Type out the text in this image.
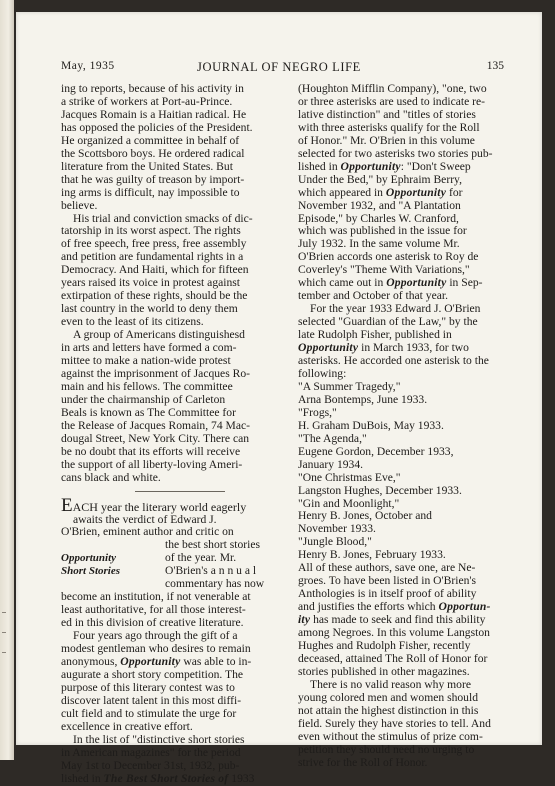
May, 1935	JOURNAL OF NEGRO LIFE	135

ing to reports, because of his activity in

a strike of workers at Port-au-Prince.

Jacques Romain is a Haitian radical. He

has opposed the policies of the President.

He organized a committee in behalf of

the Scottsboro boys. He ordered radical

literature from the United States. But

that he was guilty of treason by import-

ing arms is difficult, nay impossible to

believe.

His trial and conviction smacks of dic-

tatorship in its worst aspect. The rights

of free speech, free press, free assembly

and petition are fundamental rights in a

Democracy. And Haiti, which for fifteen

years raised its voice in protest against

extirpation of these rights, should be the

last country in the world to deny them

even to the least of its citizens.

A group of Americans distinguishesd

in arts and letters have formed a com-

mittee to make a nation-wide protest

against the imprisonment of Jacques Ro-

main and his fellows. The committee

under the chairmanship of Carleton

Beals is known as The Committee for

the Release of Jacques Romain, 74 Mac-

dougal Street, New York City. There can

be no doubt that its efforts will receive

the support of all liberty-loving Ameri-

cans black and white.

EACH year the literary world eagerly

awaits the verdict of Edward J.

O'Brien, eminent author and critic on

the best short stories

Opportunity	of the year. Mr.
Short Stories	O'Brien's a n n u a l

commentary has now

become an institution, if not venerable at

least authoritative, for all those interest-

ed in this division of creative literature.

Four years ago through the gift of a

modest gentleman who desires to remain

anonymous, Opportunity was able to in-

augurate a short story competition. The

purpose of this literary contest was to

discover latent talent in this most diffi-

cult field and to stimulate the urge for

excellence in creative effort.

In the list of "distinctive short stories

in American magazines" for the period

May 1st to December 31st, 1932, pub-

lished in The Best Short Stories of 1933

(Houghton Mifflin Company), "one, two

or three asterisks are used to indicate re-

lative distinction" and "titles of stories

with three asterisks qualify for the Roll

of Honor." Mr. O'Brien in this volume

selected for two asterisks two stories pub-

lished in Opportunity: "Don't Sweep

Under the Bed," by Ephraim Berry,

which appeared in Opportunity for

November 1932, and "A Plantation

Episode," by Charles W. Cranford,

which was published in the issue for

July 1932. In the same volume Mr.

O'Brien accords one asterisk to Roy de

Coverley's "Theme With Variations,"

which came out in Opportunity in Sep-

tember and October of that year.

For the year 1933 Edward J. O'Brien

selected "Guardian of the Law," by the

late Rudolph Fisher, published in

Opportunity in March 1933, for two

asterisks. He accorded one asterisk to the

following:

"A Summer Tragedy,"

Arna Bontemps, June 1933.

"Frogs,"

H. Graham DuBois, May 1933.

"The Agenda,"

Eugene Gordon, December 1933,

January 1934.

"One Christmas Eve,"

Langston Hughes, December 1933.

"Gin and Moonlight,"

Henry B. Jones, October and

November 1933.

"Jungle Blood,"

Henry B. Jones, February 1933.

All of these authors, save one, are Ne-

groes. To have been listed in O'Brien's

Anthologies is in itself proof of ability

and justifies the efforts which Opportun-

ity has made to seek and find this ability

among Negroes. In this volume Langston

Hughes and Rudolph Fisher, recently

deceased, attained The Roll of Honor for

stories published in other magazines.

There is no valid reason why more

young colored men and women should

not attain the highest distinction in this

field. Surely they have stories to tell. And

even without the stimulus of prize com-

petition they should need no urging to

strive for the Roll of Honor.
